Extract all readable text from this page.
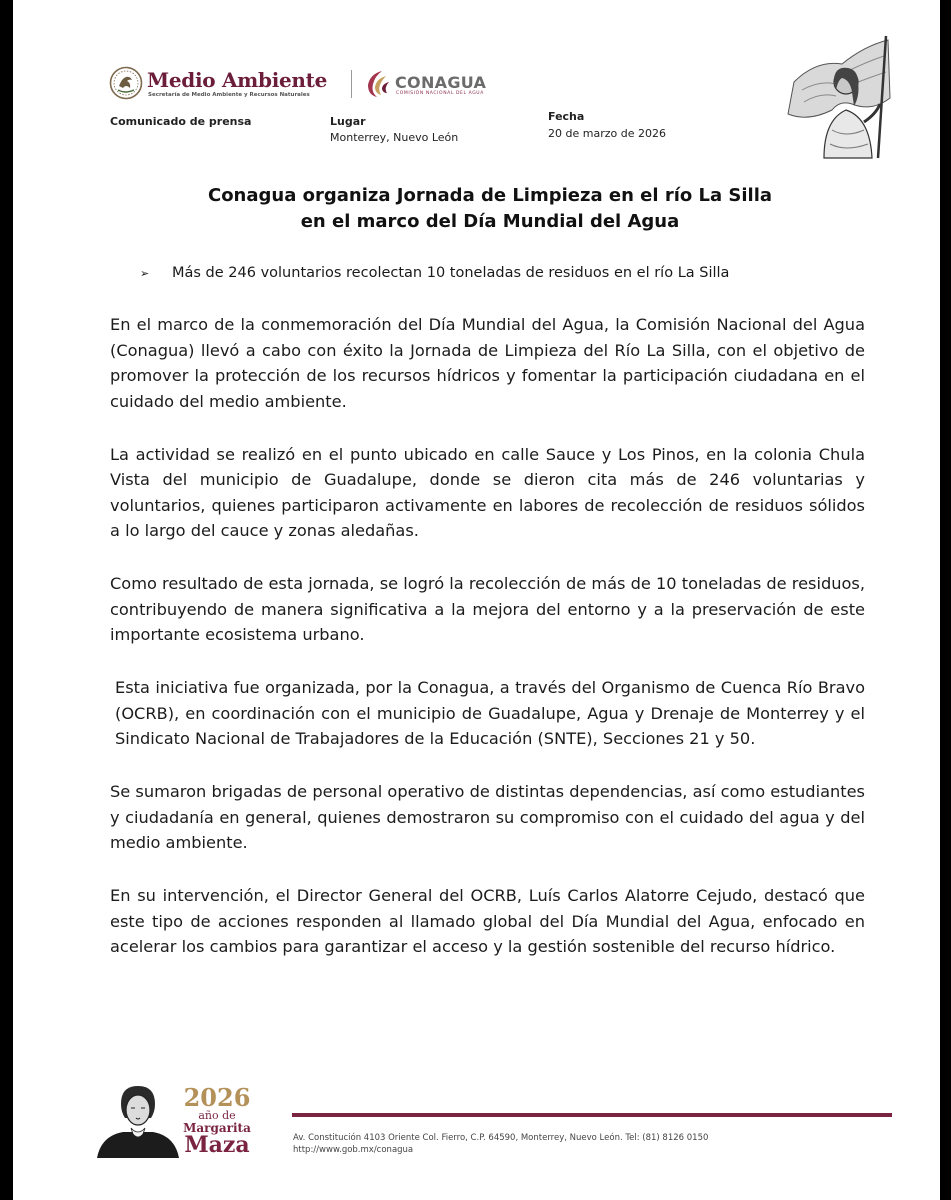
Medio Ambiente
Secretaría de Medio Ambiente y Recursos Naturales
CONAGUA
COMISIÓN NACIONAL DEL AGUA
Comunicado de prensa	Lugar
Monterrey, Nuevo León
Fecha
20 de marzo de 2026
Conagua organiza Jornada de Limpieza en el río La Silla
en el marco del Día Mundial del Agua
➢ Más de 246 voluntarios recolectan 10 toneladas de residuos en el río La Silla

En el marco de la conmemoración del Día Mundial del Agua, la Comisión Nacional del Agua (Conagua) llevó a cabo con éxito la Jornada de Limpieza del Río La Silla, con el objetivo de promover la protección de los recursos hídricos y fomentar la participación ciudadana en el cuidado del medio ambiente.

La actividad se realizó en el punto ubicado en calle Sauce y Los Pinos, en la colonia Chula Vista del municipio de Guadalupe, donde se dieron cita más de 246 voluntarias y voluntarios, quienes participaron activamente en labores de recolección de residuos sólidos a lo largo del cauce y zonas aledañas.

Como resultado de esta jornada, se logró la recolección de más de 10 toneladas de residuos, contribuyendo de manera significativa a la mejora del entorno y a la preservación de este importante ecosistema urbano.

Esta iniciativa fue organizada, por la Conagua, a través del Organismo de Cuenca Río Bravo (OCRB), en coordinación con el municipio de Guadalupe, Agua y Drenaje de Monterrey y el Sindicato Nacional de Trabajadores de la Educación (SNTE), Secciones 21 y 50.

Se sumaron brigadas de personal operativo de distintas dependencias, así como estudiantes y ciudadanía en general, quienes demostraron su compromiso con el cuidado del agua y del medio ambiente.

En su intervención, el Director General del OCRB, Luís Carlos Alatorre Cejudo, destacó que este tipo de acciones responden al llamado global del Día Mundial del Agua, enfocado en acelerar los cambios para garantizar el acceso y la gestión sostenible del recurso hídrico.

2026
año de
Margarita
Maza	Av. Constitución 4103 Oriente Col. Fierro, C.P. 64590, Monterrey, Nuevo León. Tel: (81) 8126 0150
http://www.gob.mx/conagua
